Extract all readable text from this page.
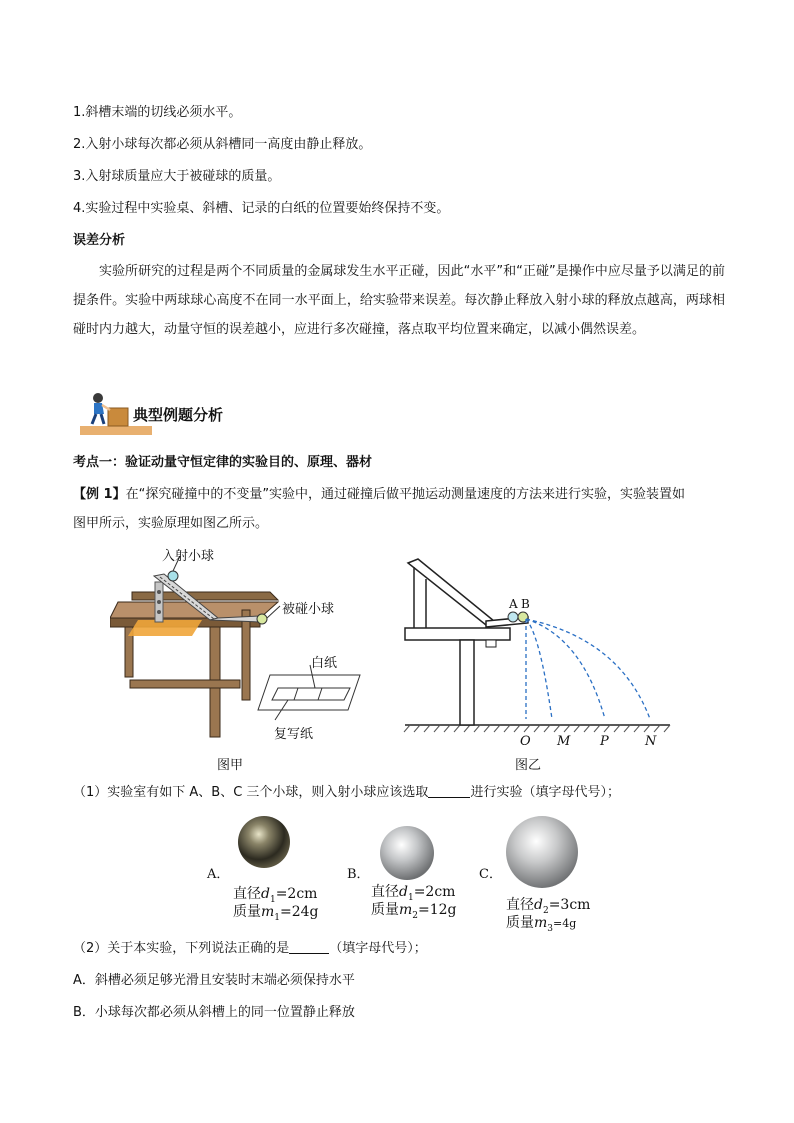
1.斜槽末端的切线必须水平。
2.入射小球每次都必须从斜槽同一高度由静止释放。
3.入射球质量应大于被碰球的质量。
4.实验过程中实验桌、斜槽、记录的白纸的位置要始终保持不变。
误差分析
实验所研究的过程是两个不同质量的金属球发生水平正碰，因此“水平”和“正碰”是操作中应尽量予以满足的前提条件。实验中两球球心高度不在同一水平面上，给实验带来误差。每次静止释放入射小球的释放点越高，两球相碰时内力越大，动量守恒的误差越小，应进行多次碰撞，落点取平均位置来确定，以减小偶然误差。
典型例题分析
考点一：验证动量守恒定律的实验目的、原理、器材
【例 1】在“探究碰撞中的不变量”实验中，通过碰撞后做平抛运动测量速度的方法来进行实验，实验装置如
图甲所示，实验原理如图乙所示。
入射小球
被碰小球
白纸
复写纸
图甲
A B
O M P	N
图乙
（1）实验室有如下 A、B、C 三个小球，则入射小球应该选取	进行实验（填字母代号）；
A．	B．	C．
直径$d_1=2cm$
质量$m_1=24g$
直径$d_1=2cm$
质量$m_2=12g$	直径$d_2=3cm$
质量$m_3=4g$
（2）关于本实验，下列说法正确的是	（填字母代号）；
A．斜槽必须足够光滑且安装时末端必须保持水平
B．小球每次都必须从斜槽上的同一位置静止释放
